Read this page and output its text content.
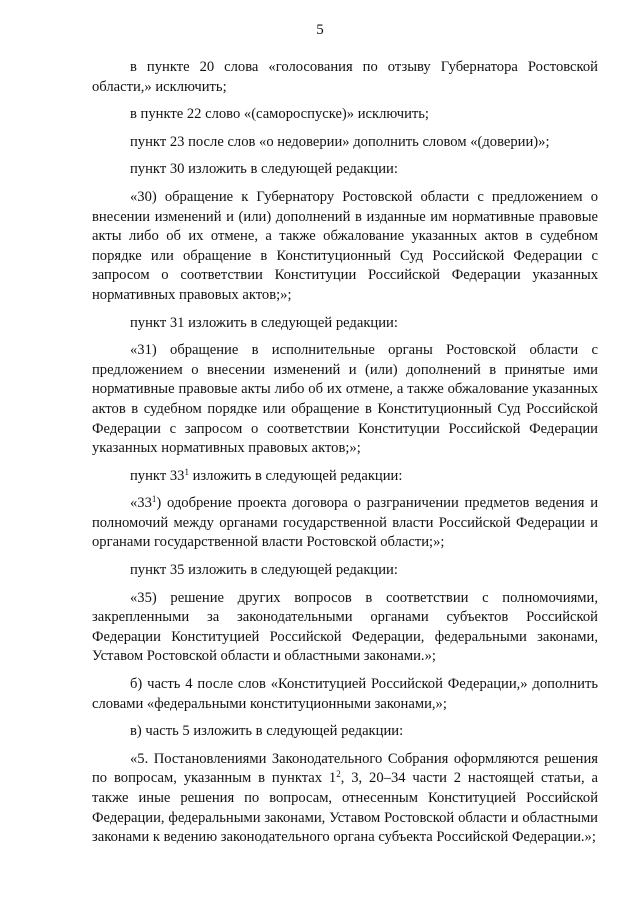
5

в пункте 20 слова «голосования по отзыву Губернатора Ростовской области,» исключить;

в пункте 22 слово «(самороспуске)» исключить;

пункт 23 после слов «о недоверии» дополнить словом «(доверии)»;

пункт 30 изложить в следующей редакции:

«30) обращение к Губернатору Ростовской области с предложением о внесении изменений и (или) дополнений в изданные им нормативные правовые акты либо об их отмене, а также обжалование указанных актов в судебном порядке или обращение в Конституционный Суд Российской Федерации с запросом о соответствии Конституции Российской Федерации указанных нормативных правовых актов;»;

пункт 31 изложить в следующей редакции:

«31) обращение в исполнительные органы Ростовской области с предложением о внесении изменений и (или) дополнений в принятые ими нормативные правовые акты либо об их отмене, а также обжалование указанных актов в судебном порядке или обращение в Конституционный Суд Российской Федерации с запросом о соответствии Конституции Российской Федерации указанных нормативных правовых актов;»;

пункт $33^1$ изложить в следующей редакции:

«$33^1$) одобрение проекта договора о разграничении предметов ведения и полномочий между органами государственной власти Российской Федерации и органами государственной власти Ростовской области;»;

пункт 35 изложить в следующей редакции:

«35) решение других вопросов в соответствии с полномочиями, закрепленными за законодательными органами субъектов Российской Федерации Конституцией Российской Федерации, федеральными законами, Уставом Ростовской области и областными законами.»;

б) часть 4 после слов «Конституцией Российской Федерации,» дополнить словами «федеральными конституционными законами,»;

в) часть 5 изложить в следующей редакции:

«5. Постановлениями Законодательного Собрания оформляются решения по вопросам, указанным в пунктах $1^2$, 3, 20–34 части 2 настоящей статьи, а также иные решения по вопросам, отнесенным Конституцией Российской Федерации, федеральными законами, Уставом Ростовской области и областными законами к ведению законодательного органа субъекта Российской Федерации.»;
